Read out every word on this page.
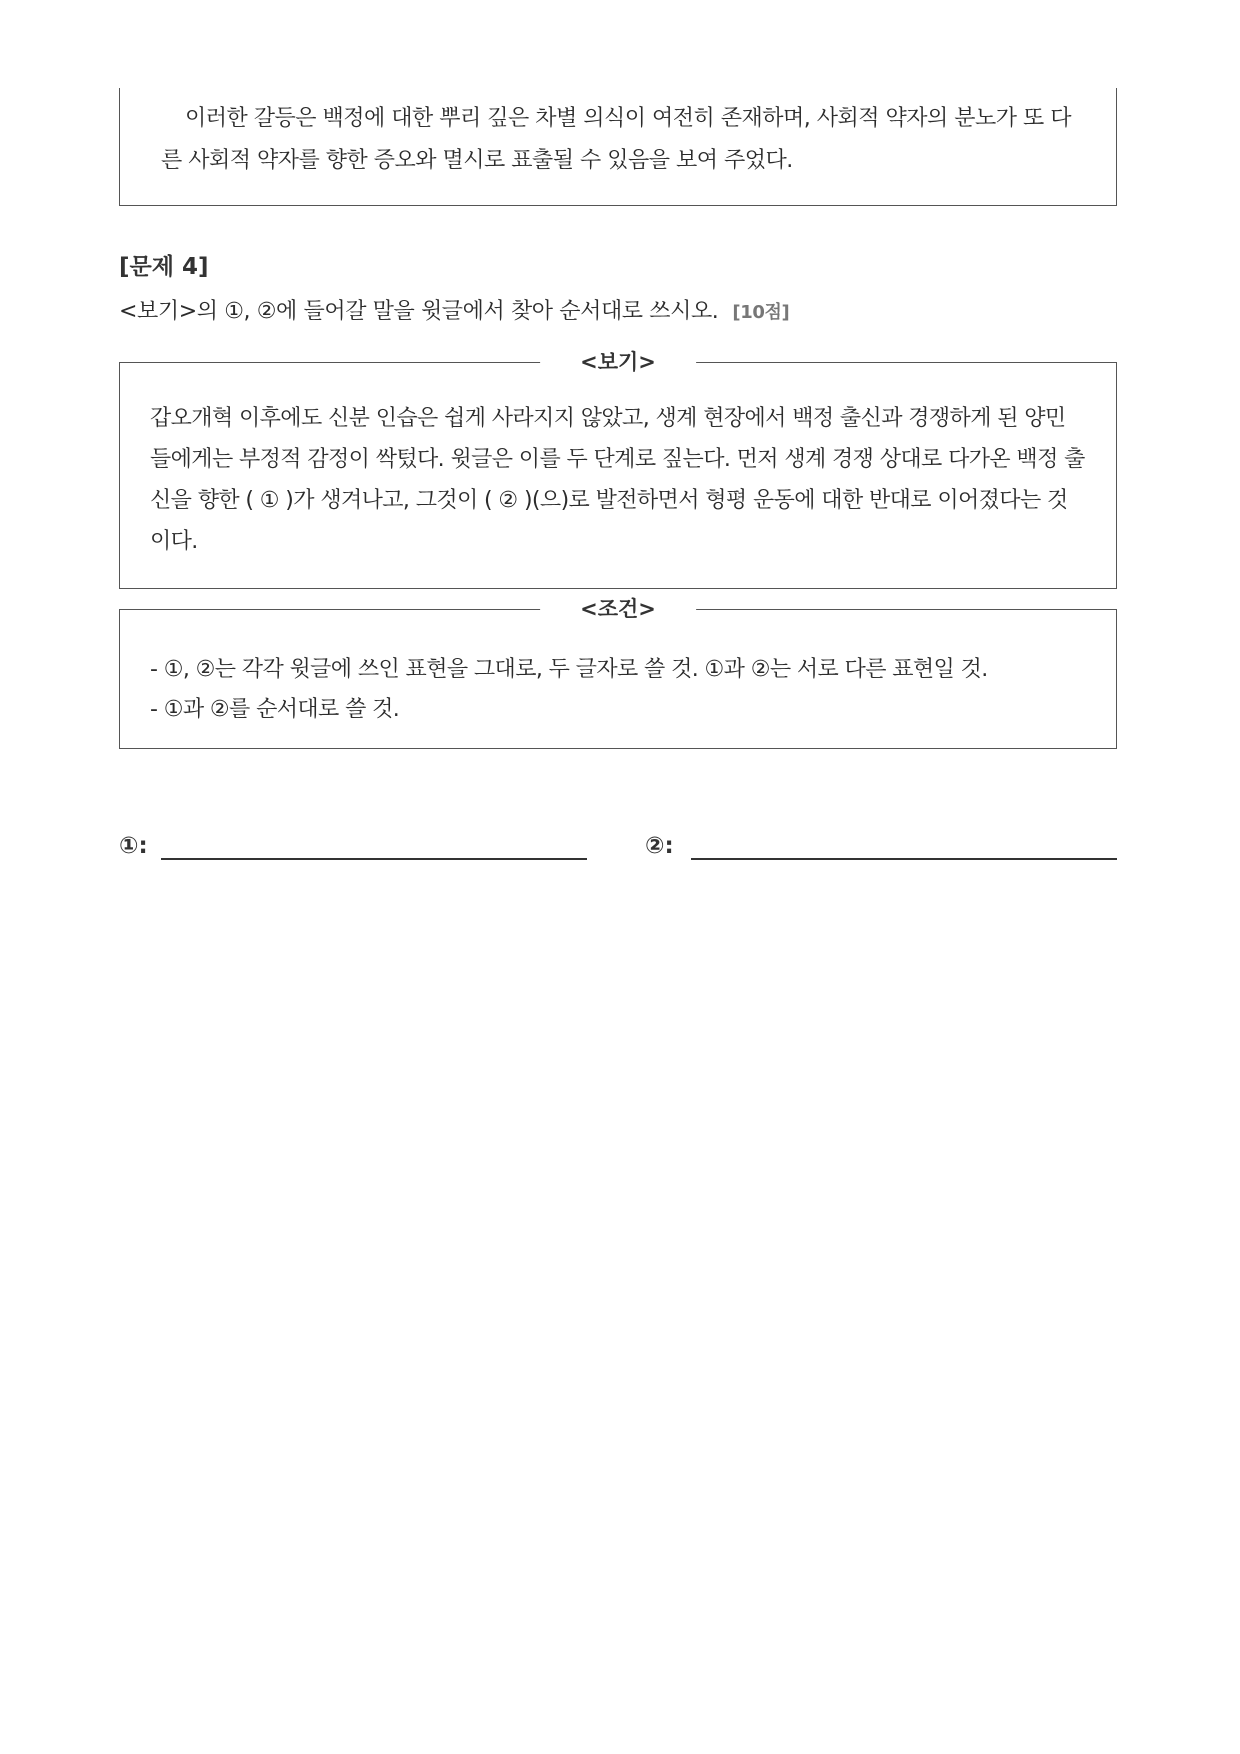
이러한 갈등은 백정에 대한 뿌리 깊은 차별 의식이 여전히 존재하며, 사회적 약자의 분노가 또 다른 사회적 약자를 향한 증오와 멸시로 표출될 수 있음을 보여 주었다.

[문제 4]

<보기>의 ①, ②에 들어갈 말을 윗글에서 찾아 순서대로 쓰시오. [10점]

<보기>

갑오개혁 이후에도 신분 인습은 쉽게 사라지지 않았고, 생계 현장에서 백정 출신과 경쟁하게 된 양민들에게는 부정적 감정이 싹텄다. 윗글은 이를 두 단계로 짚는다. 먼저 생계 경쟁 상대로 다가온 백정 출신을 향한 ( ① )가 생겨나고, 그것이 ( ② )(으)로 발전하면서 형평 운동에 대한 반대로 이어졌다는 것이다.

<조건>
- ①, ②는 각각 윗글에 쓰인 표현을 그대로, 두 글자로 쓸 것. ①과 ②는 서로 다른 표현일 것.
- ①과 ②를 순서대로 쓸 것.
①:	②:
